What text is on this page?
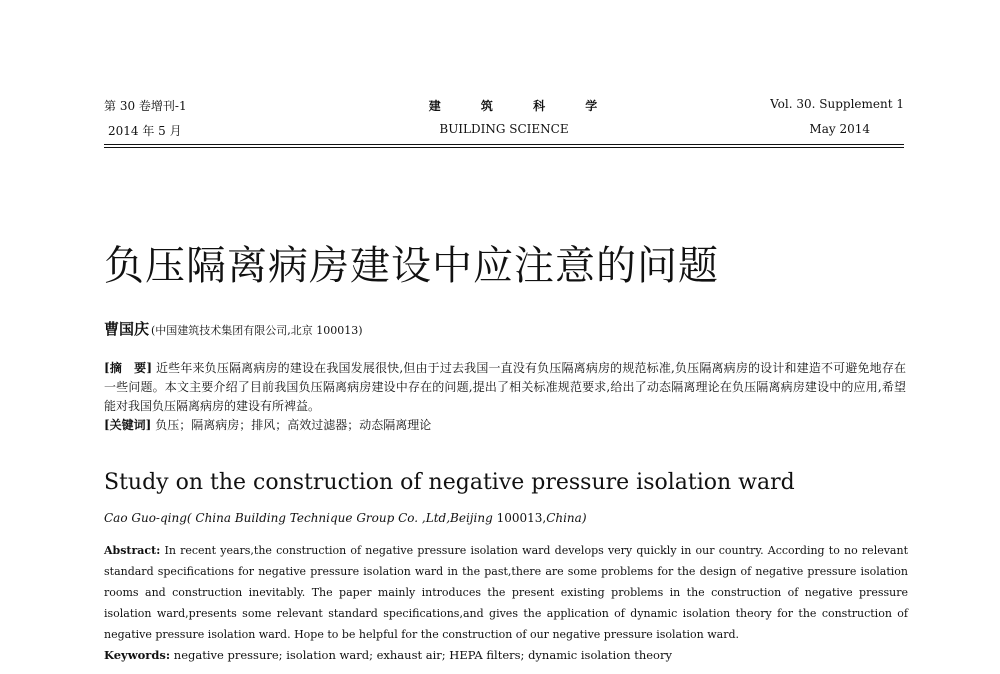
第 30 卷增刊-1	建 筑 科 学	Vol. 30. Supplement 1
2014 年 5 月	BUILDING SCIENCE	May 2014
负压隔离病房建设中应注意的问题
曹国庆 (中国建筑技术集团有限公司,北京 100013)
[摘　要] 近些年来负压隔离病房的建设在我国发展很快,但由于过去我国一直没有负压隔离病房的规范标准,负压隔离病房的设计和建造不可避免地存在一些问题。本文主要介绍了目前我国负压隔离病房建设中存在的问题,提出了相关标准规范要求,给出了动态隔离理论在负压隔离病房建设中的应用,希望能对我国负压隔离病房的建设有所裨益。
[关键词] 负压；隔离病房；排风；高效过滤器；动态隔离理论
Study on the construction of negative pressure isolation ward
Cao Guo-qing( China Building Technique Group Co. ,Ltd,Beijing 100013,China)
Abstract: In recent years,the construction of negative pressure isolation ward develops very quickly in our country. According to no relevant standard specifications for negative pressure isolation ward in the past,there are some problems for the design of negative pressure isolation rooms and construction inevitably. The paper mainly introduces the present existing problems in the construction of negative pressure isolation ward,presents some relevant standard specifications,and gives the application of dynamic isolation theory for the construction of negative pressure isolation ward. Hope to be helpful for the construction of our negative pressure isolation ward.
Keywords: negative pressure; isolation ward; exhaust air; HEPA filters; dynamic isolation theory
